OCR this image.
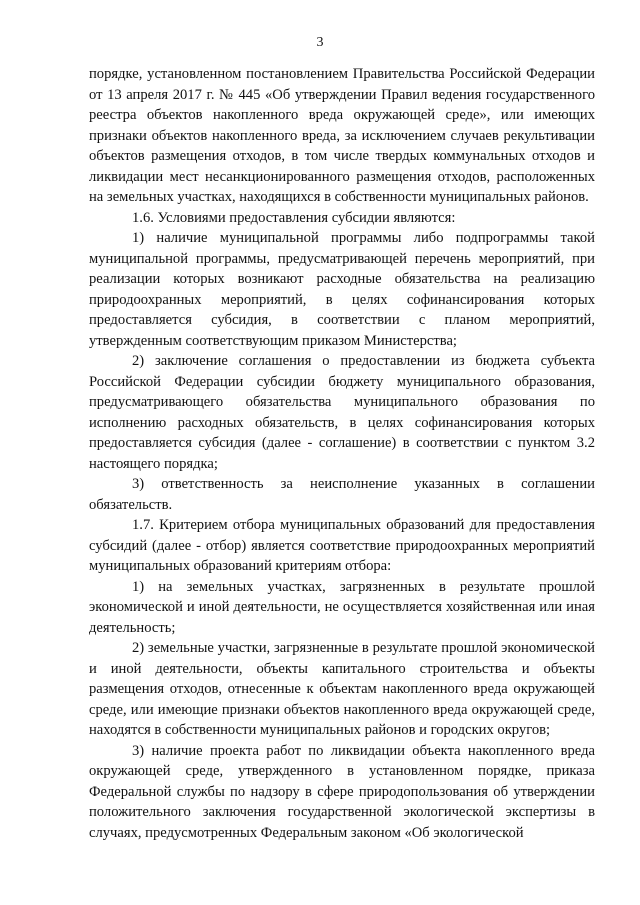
3

порядке, установленном постановлением Правительства Российской Федерации от 13 апреля 2017 г. № 445 «Об утверждении Правил ведения государственного реестра объектов накопленного вреда окружающей среде», или имеющих признаки объектов накопленного вреда, за исключением случаев рекультивации объектов размещения отходов, в том числе твердых коммунальных отходов и ликвидации мест несанкционированного размещения отходов, расположенных на земельных участках, находящихся в собственности муниципальных районов.

1.6. Условиями предоставления субсидии являются:

1) наличие муниципальной программы либо подпрограммы такой муниципальной программы, предусматривающей перечень мероприятий, при реализации которых возникают расходные обязательства на реализацию природоохранных мероприятий, в целях софинансирования которых предоставляется субсидия, в соответствии с планом мероприятий, утвержденным соответствующим приказом Министерства;

2) заключение соглашения о предоставлении из бюджета субъекта Российской Федерации субсидии бюджету муниципального образования, предусматривающего обязательства муниципального образования по исполнению расходных обязательств, в целях софинансирования которых предоставляется субсидия (далее - соглашение) в соответствии с пунктом 3.2 настоящего порядка;

3) ответственность за неисполнение указанных в соглашении обязательств.

1.7. Критерием отбора муниципальных образований для предоставления субсидий (далее - отбор) является соответствие природоохранных мероприятий муниципальных образований критериям отбора:

1) на земельных участках, загрязненных в результате прошлой экономической и иной деятельности, не осуществляется хозяйственная или иная деятельность;

2) земельные участки, загрязненные в результате прошлой экономической и иной деятельности, объекты капитального строительства и объекты размещения отходов, отнесенные к объектам накопленного вреда окружающей среде, или имеющие признаки объектов накопленного вреда окружающей среде, находятся в собственности муниципальных районов и городских округов;

3) наличие проекта работ по ликвидации объекта накопленного вреда окружающей среде, утвержденного в установленном порядке, приказа Федеральной службы по надзору в сфере природопользования об утверждении положительного заключения государственной экологической экспертизы в случаях, предусмотренных Федеральным законом «Об экологической
